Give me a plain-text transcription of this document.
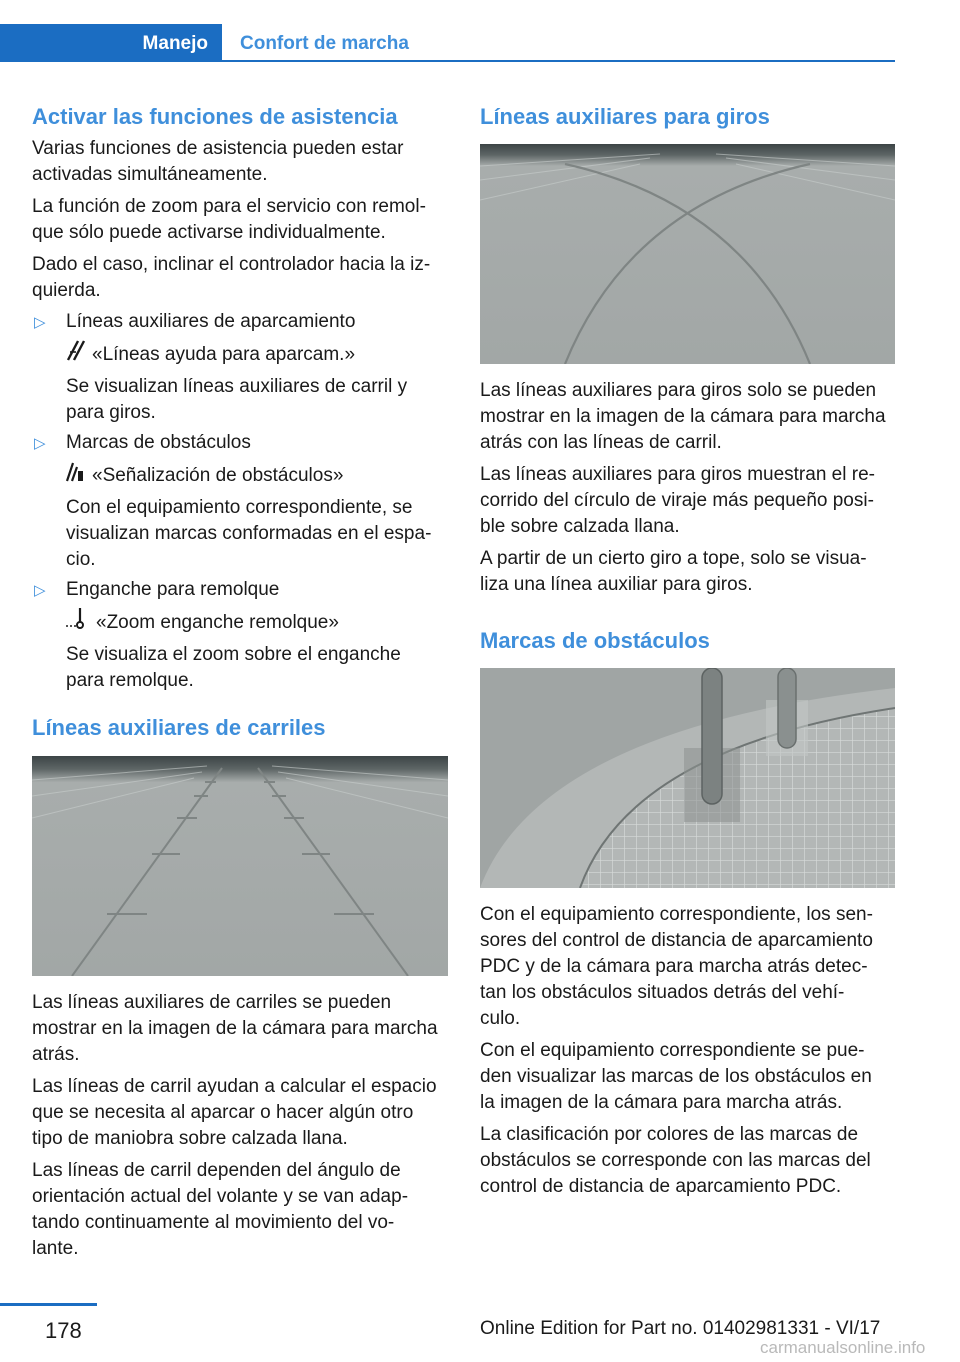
Manejo Confort de marcha
Activar las funciones de asistencia

Varias funciones de asistencia pueden estar

activadas simultáneamente.

La función de zoom para el servicio con remol‐

que sólo puede activarse individualmente.

Dado el caso, inclinar el controlador hacia la iz‐

quierda.

▷ Líneas auxiliares de aparcamiento

«Líneas ayuda para aparcam.»

Se visualizan líneas auxiliares de carril y

para giros.

▷ Marcas de obstáculos

«Señalización de obstáculos»

Con el equipamiento correspondiente, se

visualizan marcas conformadas en el espa‐

cio.

▷ Enganche para remolque

«Zoom enganche remolque»

Se visualiza el zoom sobre el enganche

para remolque.

Líneas auxiliares de carriles

Las líneas auxiliares de carriles se pueden

mostrar en la imagen de la cámara para marcha

atrás.

Las líneas de carril ayudan a calcular el espacio

que se necesita al aparcar o hacer algún otro

tipo de maniobra sobre calzada llana.

Las líneas de carril dependen del ángulo de

orientación actual del volante y se van adap‐

tando continuamente al movimiento del vo‐

lante.

Líneas auxiliares para giros

Las líneas auxiliares para giros solo se pueden

mostrar en la imagen de la cámara para marcha

atrás con las líneas de carril.

Las líneas auxiliares para giros muestran el re‐

corrido del círculo de viraje más pequeño posi‐

ble sobre calzada llana.

A partir de un cierto giro a tope, solo se visua‐

liza una línea auxiliar para giros.

Marcas de obstáculos

Con el equipamiento correspondiente, los sen‐

sores del control de distancia de aparcamiento

PDC y de la cámara para marcha atrás detec‐

tan los obstáculos situados detrás del vehí‐

culo.

Con el equipamiento correspondiente se pue‐

den visualizar las marcas de los obstáculos en

la imagen de la cámara para marcha atrás.

La clasificación por colores de las marcas de

obstáculos se corresponde con las marcas del

control de distancia de aparcamiento PDC.

178	Online Edition for Part no. 01402981331 - VI/17
carmanualsonline.info
